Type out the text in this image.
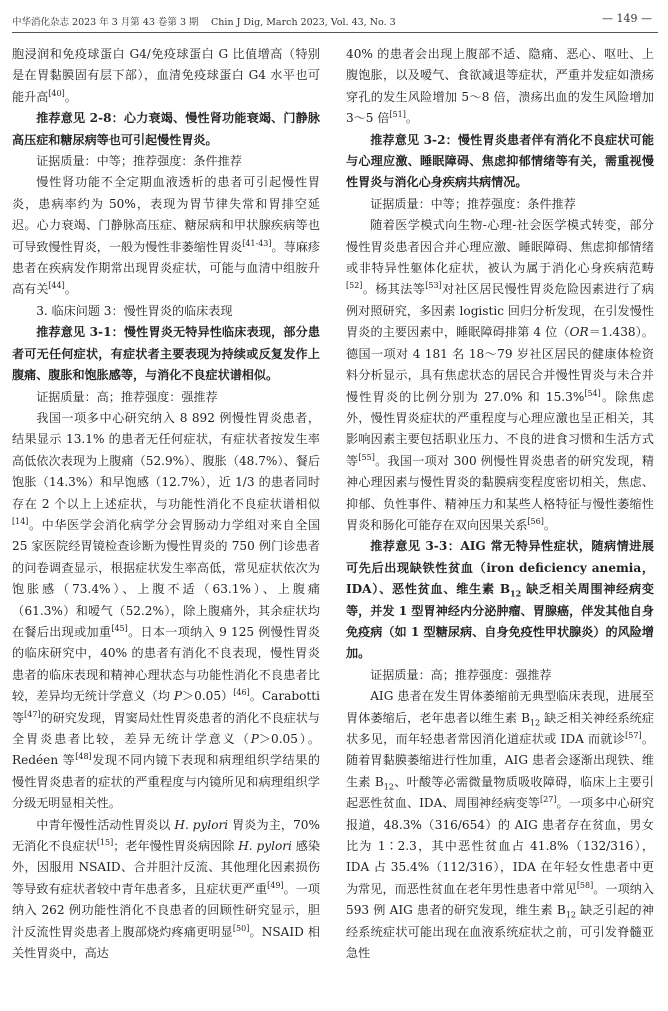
中华消化杂志 2023 年 3 月第 43 卷第 3 期 　Chin J Dig, March 2023, Vol. 43, No. 3	— 149 —

胞浸润和免疫球蛋白 G4/免疫球蛋白 G 比值增高（特别是在胃黏膜固有层下部），血清免疫球蛋白 G4 水平也可能升高[40]。

推荐意见 2-8：心力衰竭、慢性肾功能衰竭、门静脉高压症和糖尿病等也可引起慢性胃炎。

证据质量：中等；推荐强度：条件推荐

慢性肾功能不全定期血液透析的患者可引起慢性胃炎，患病率约为 50%，表现为胃节律失常和胃排空延迟。心力衰竭、门静脉高压症、糖尿病和甲状腺疾病等也可导致慢性胃炎，一般为慢性非萎缩性胃炎[41-43]。荨麻疹患者在疾病发作期常出现胃炎症状，可能与血清中组胺升高有关[44]。

3. 临床问题 3：慢性胃炎的临床表现

推荐意见 3-1：慢性胃炎无特异性临床表现，部分患者可无任何症状，有症状者主要表现为持续或反复发作上腹痛、腹胀和饱胀感等，与消化不良症状谱相似。

证据质量：高；推荐强度：强推荐

我国一项多中心研究纳入 8 892 例慢性胃炎患者，结果显示 13.1% 的患者无任何症状，有症状者按发生率高低依次表现为上腹痛（52.9%）、腹胀（48.7%）、餐后饱胀（14.3%）和早饱感（12.7%），近 1/3 的患者同时存在 2 个以上上述症状，与功能性消化不良症状谱相似[14]。中华医学会消化病学分会胃肠动力学组对来自全国 25 家医院经胃镜检查诊断为慢性胃炎的 750 例门诊患者的问卷调查显示，根据症状发生率高低，常见症状依次为饱胀感（73.4%）、上腹不适（63.1%）、上腹痛（61.3%）和嗳气（52.2%），除上腹痛外，其余症状均在餐后出现或加重[45]。日本一项纳入 9 125 例慢性胃炎的临床研究中，40% 的患者有消化不良表现，慢性胃炎患者的临床表现和精神心理状态与功能性消化不良患者比较，差异均无统计学意义（均 P＞0.05）[46]。Carabotti 等[47]的研究发现，胃窦局灶性胃炎患者的消化不良症状与全胃炎患者比较，差异无统计学意义（P＞0.05）。Redéen 等[48]发现不同内镜下表现和病理组织学结果的慢性胃炎患者的症状的严重程度与内镜所见和病理组织学分级无明显相关性。

中青年慢性活动性胃炎以 H. pylori 胃炎为主，70% 无消化不良症状[15]；老年慢性胃炎病因除 H. pylori 感染外，因服用 NSAID、合并胆汁反流、其他理化因素损伤等导致有症状者较中青年患者多，且症状更严重[49]。一项纳入 262 例功能性消化不良患者的回顾性研究显示，胆汁反流性胃炎患者上腹部烧灼疼痛更明显[50]。NSAID 相关性胃炎中，高达

40% 的患者会出现上腹部不适、隐痛、恶心、呕吐、上腹饱胀，以及嗳气、食欲减退等症状，严重并发症如溃疡穿孔的发生风险增加 5～8 倍，溃疡出血的发生风险增加3～5 倍[51]。

推荐意见 3-2：慢性胃炎患者伴有消化不良症状可能与心理应激、睡眠障碍、焦虑抑郁情绪等有关，需重视慢性胃炎与消化心身疾病共病情况。

证据质量：中等；推荐强度：条件推荐

随着医学模式向生物-心理-社会医学模式转变，部分慢性胃炎患者因合并心理应激、睡眠障碍、焦虑抑郁情绪或非特异性躯体化症状，被认为属于消化心身疾病范畴[52]。杨其法等[53]对社区居民慢性胃炎危险因素进行了病例对照研究，多因素 logistic 回归分析发现，在引发慢性胃炎的主要因素中，睡眠障碍排第 4 位（OR＝1.438）。德国一项对 4 181 名 18～79 岁社区居民的健康体检资料分析显示，具有焦虑状态的居民合并慢性胃炎与未合并慢性胃炎的比例分别为 27.0% 和 15.3%[54]。除焦虑外，慢性胃炎症状的严重程度与心理应激也呈正相关，其影响因素主要包括职业压力、不良的进食习惯和生活方式等[55]。我国一项对 300 例慢性胃炎患者的研究发现，精神心理因素与慢性胃炎的黏膜病变程度密切相关，焦虑、抑郁、负性事件、精神压力和某些人格特征与慢性萎缩性胃炎和肠化可能存在双向因果关系[56]。

推荐意见 3-3：AIG 常无特异性症状，随病情进展可先后出现缺铁性贫血（iron deficiency anemia，IDA）、恶性贫血、维生素 $B_{12}$ 缺乏相关周围神经病变等，并发 1 型胃神经内分泌肿瘤、胃腺癌，伴发其他自身免疫病（如 1 型糖尿病、自身免疫性甲状腺炎）的风险增加。

证据质量：高；推荐强度：强推荐

AIG 患者在发生胃体萎缩前无典型临床表现，进展至胃体萎缩后，老年患者以维生素 $B_{12}$ 缺乏相关神经系统症状多见，而年轻患者常因消化道症状或 IDA 而就诊[57]。随着胃黏膜萎缩进行性加重，AIG 患者会逐渐出现铁、维生素 $B_{12}$、叶酸等必需微量物质吸收障碍，临床上主要引起恶性贫血、IDA、周围神经病变等[27]。一项多中心研究报道，48.3%（316/654）的 AIG 患者存在贫血，男女比为 1∶2.3，其中恶性贫血占 41.8%（132/316），IDA 占 35.4%（112/316），IDA 在年轻女性患者中更为常见，而恶性贫血在老年男性患者中常见[58]。一项纳入593 例 AIG 患者的研究发现，维生素 $B_{12}$ 缺乏引起的神经系统症状可能出现在血液系统症状之前，可引发脊髓亚急性
